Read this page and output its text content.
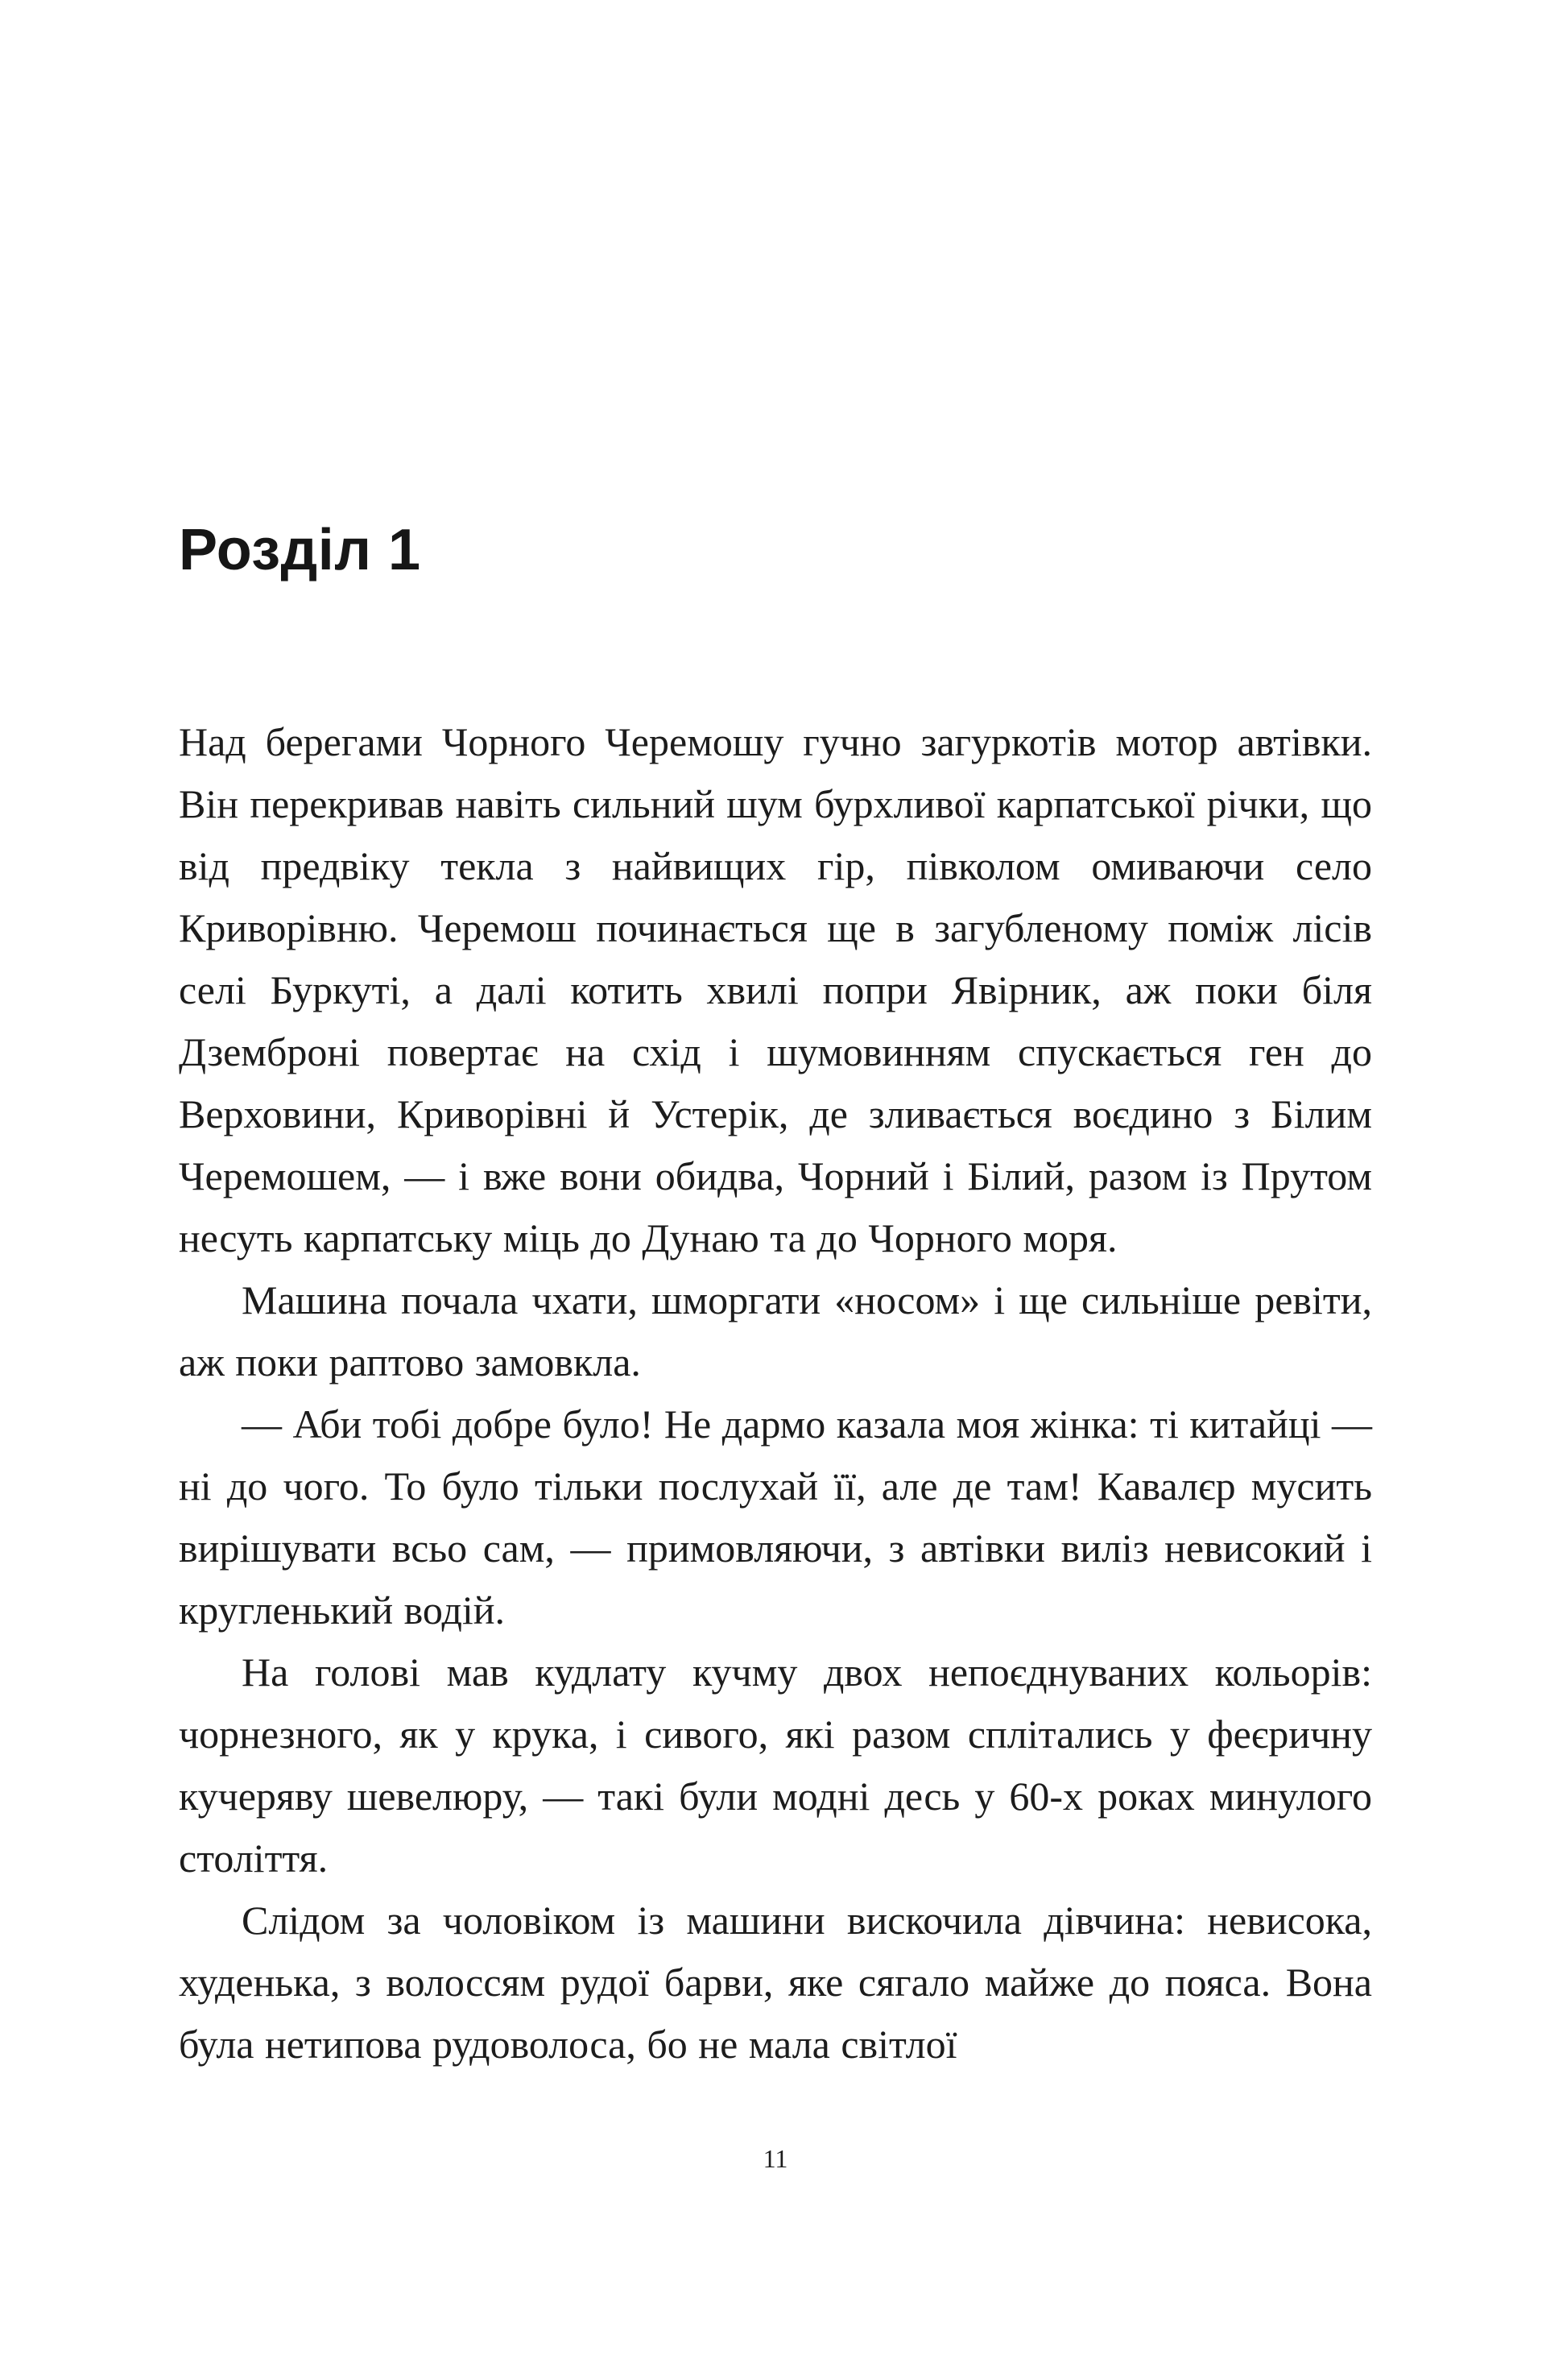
Розділ 1

Над берегами Чорного Черемошу гучно загуркотів мотор автівки. Він перекривав навіть сильний шум бурхливої карпатської річки, що від предвіку текла з найвищих гір, півколом омиваючи село Криворівню. Черемош починається ще в загубленому поміж лісів селі Буркуті, а далі котить хвилі попри Явірник, аж поки біля Дземброні повертає на схід і шумовинням спускається ген до Верховини, Криворівні й Устерік, де зливається воєдино з Білим Черемошем, — і вже вони обидва, Чорний і Білий, разом із Прутом несуть карпатську міць до Дунаю та до Чорного моря.

Машина почала чхати, шморгати «носом» і ще сильніше ревіти, аж поки раптово замовкла.

— Аби тобі добре було! Не дармо казала моя жінка: ті китайці — ні до чого. То було тільки послухай її, але де там! Кавалєр мусить вирішувати всьо сам, — примовляючи, з автівки виліз невисокий і кругленький водій.

На голові мав кудлату кучму двох непоєднуваних кольорів: чорнезного, як у крука, і сивого, які разом сплітались у феєричну кучеряву шевелюру, — такі були модні десь у 60-х роках минулого століття.

Слідом за чоловіком із машини вискочила дівчина: невисока, худенька, з волоссям рудої барви, яке сягало майже до пояса. Вона була нетипова рудоволоса, бо не мала світлої

11
